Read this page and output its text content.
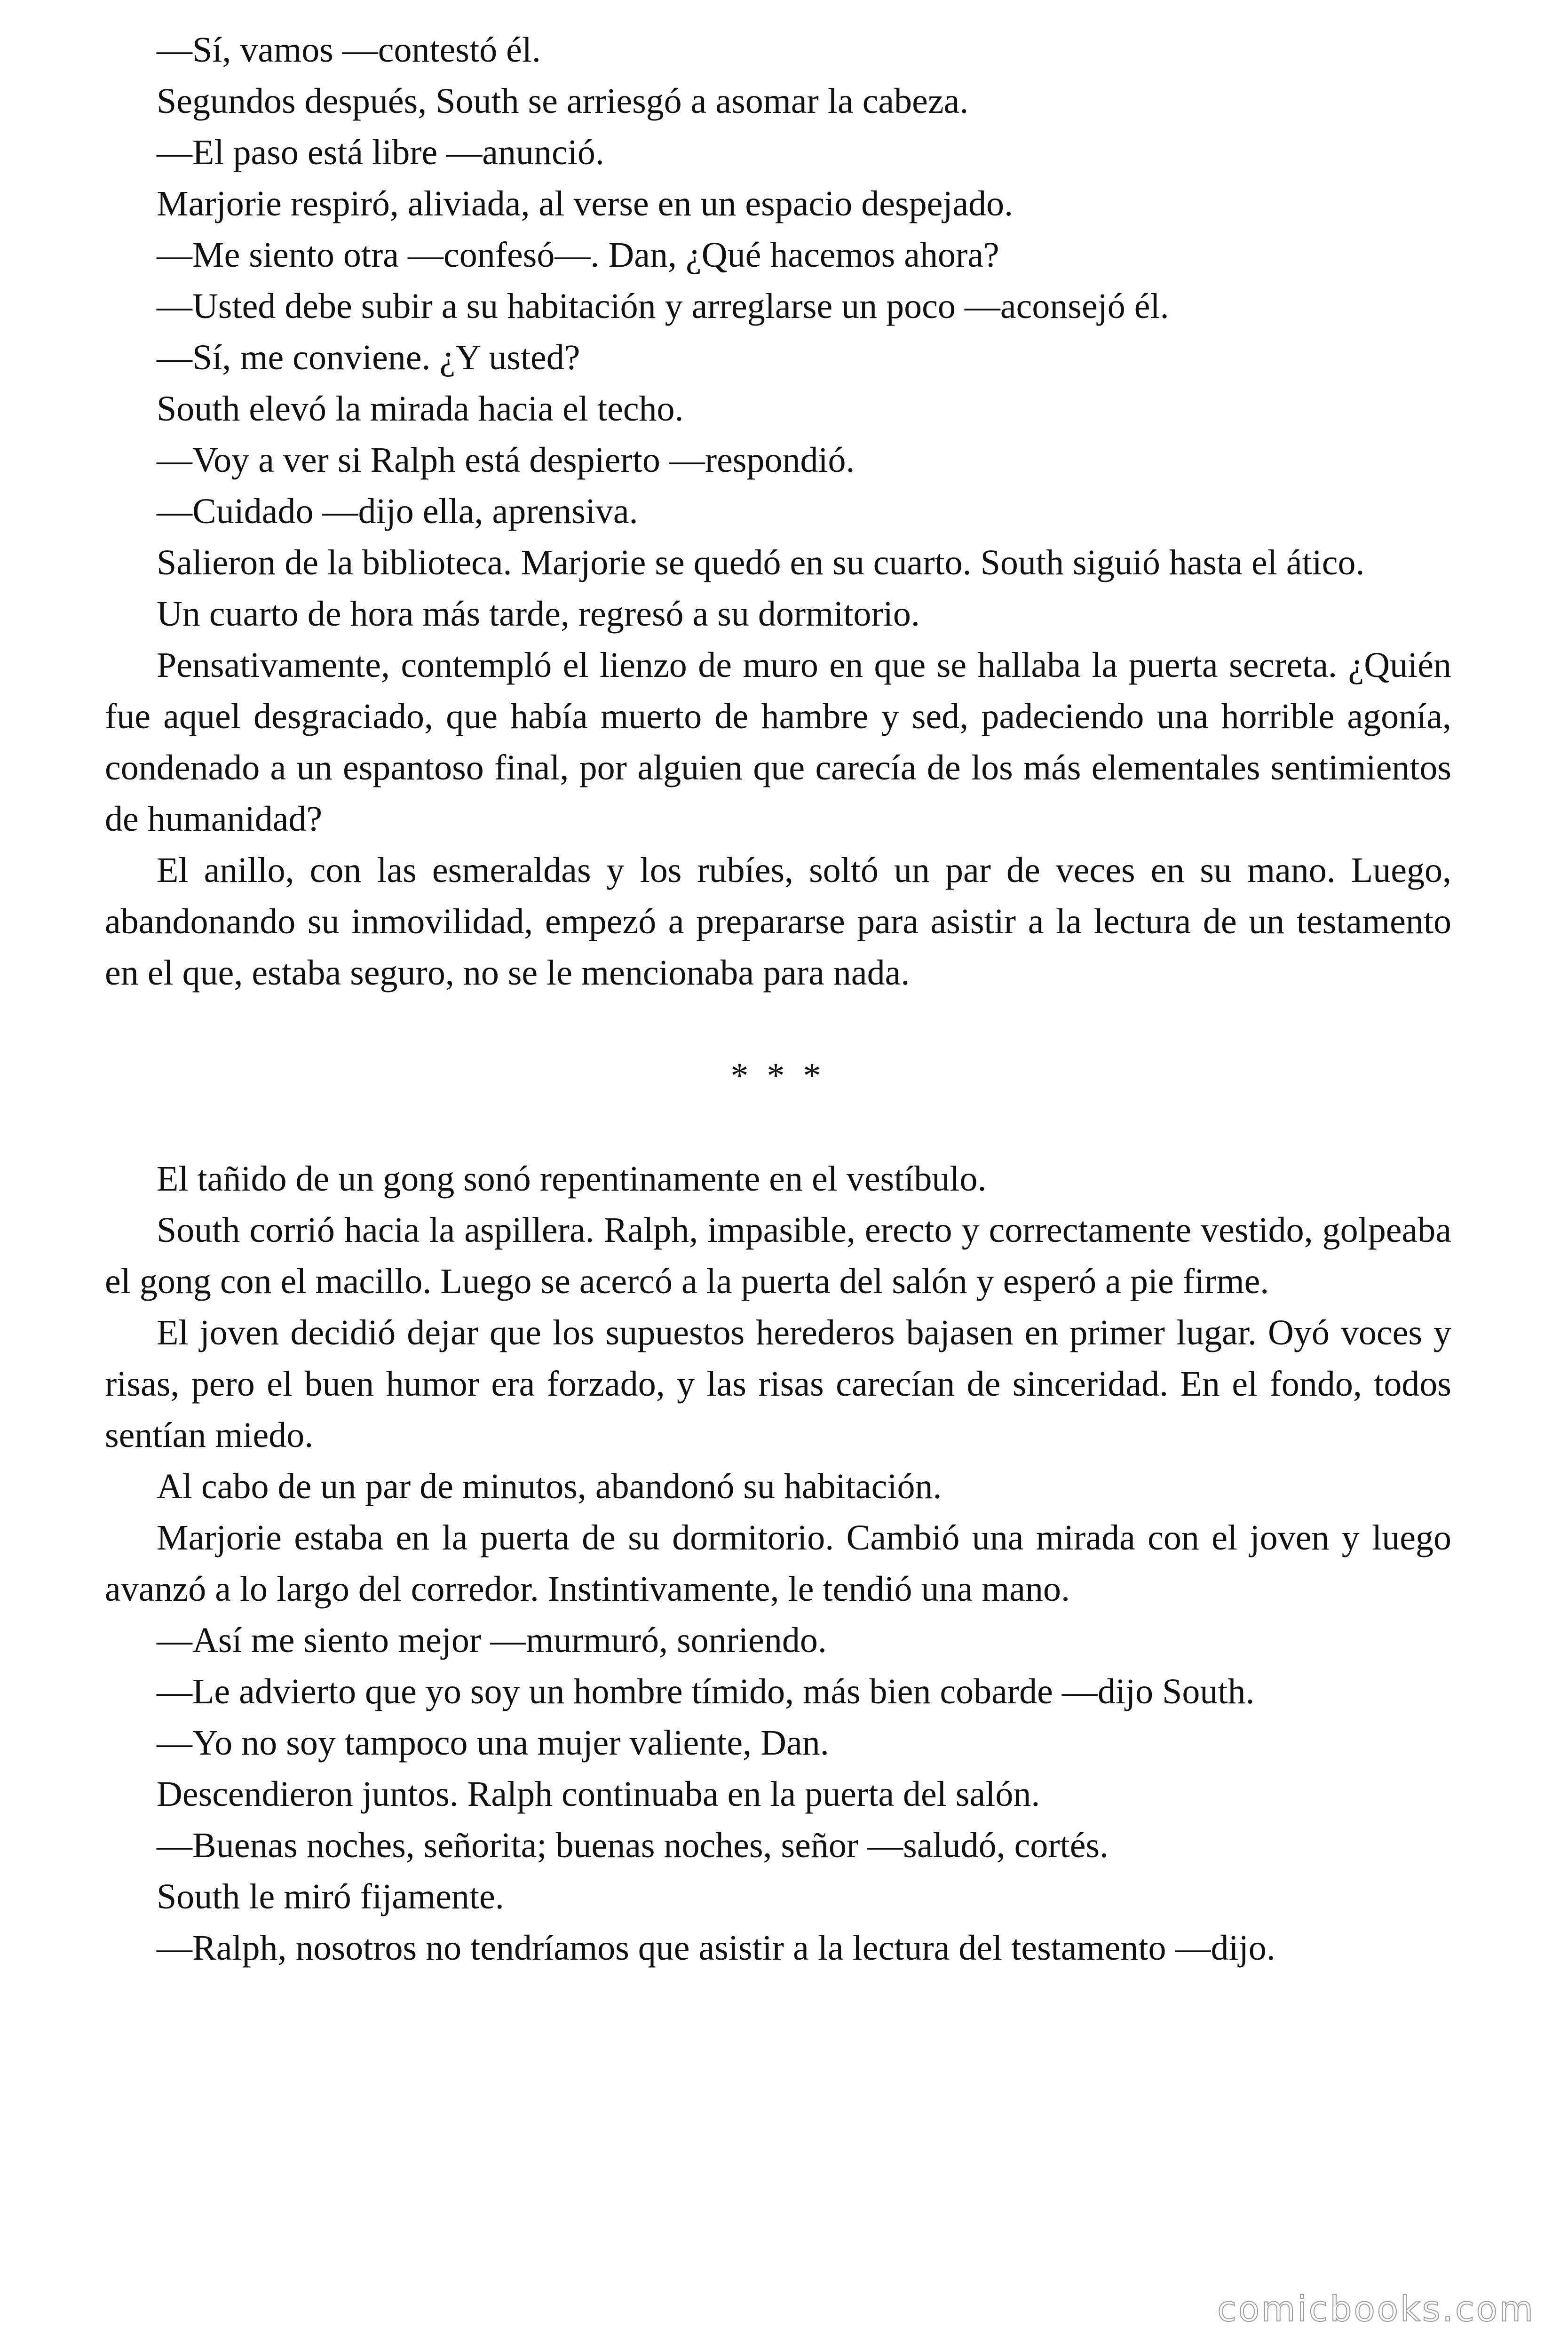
—Sí, vamos —contestó él.

Segundos después, South se arriesgó a asomar la cabeza.

—El paso está libre —anunció.

Marjorie respiró, aliviada, al verse en un espacio despejado.

—Me siento otra —confesó—. Dan, ¿Qué hacemos ahora?

—Usted debe subir a su habitación y arreglarse un poco —aconsejó él.

—Sí, me conviene. ¿Y usted?

South elevó la mirada hacia el techo.

—Voy a ver si Ralph está despierto —respondió.

—Cuidado —dijo ella, aprensiva.

Salieron de la biblioteca. Marjorie se quedó en su cuarto. South siguió hasta el ático.

Un cuarto de hora más tarde, regresó a su dormitorio.

Pensativamente, contempló el lienzo de muro en que se hallaba la puerta secreta. ¿Quién fue aquel desgraciado, que había muerto de hambre y sed, padeciendo una horrible agonía, condenado a un espantoso final, por alguien que carecía de los más elementales sentimientos de humanidad?

El anillo, con las esmeraldas y los rubíes, soltó un par de veces en su mano. Luego, abandonando su inmovilidad, empezó a prepararse para asistir a la lectura de un testamento en el que, estaba seguro, no se le mencionaba para nada.

* * *

El tañido de un gong sonó repentinamente en el vestíbulo.

South corrió hacia la aspillera. Ralph, impasible, erecto y correctamente vestido, golpeaba el gong con el macillo. Luego se acercó a la puerta del salón y esperó a pie firme.

El joven decidió dejar que los supuestos herederos bajasen en primer lugar. Oyó voces y risas, pero el buen humor era forzado, y las risas carecían de sinceridad. En el fondo, todos sentían miedo.

Al cabo de un par de minutos, abandonó su habitación.

Marjorie estaba en la puerta de su dormitorio. Cambió una mirada con el joven y luego avanzó a lo largo del corredor. Instintivamente, le tendió una mano.

—Así me siento mejor —murmuró, sonriendo.

—Le advierto que yo soy un hombre tímido, más bien cobarde —dijo South.

—Yo no soy tampoco una mujer valiente, Dan.

Descendieron juntos. Ralph continuaba en la puerta del salón.

—Buenas noches, señorita; buenas noches, señor —saludó, cortés.

South le miró fijamente.

—Ralph, nosotros no tendríamos que asistir a la lectura del testamento —dijo.

comicbooks.com
